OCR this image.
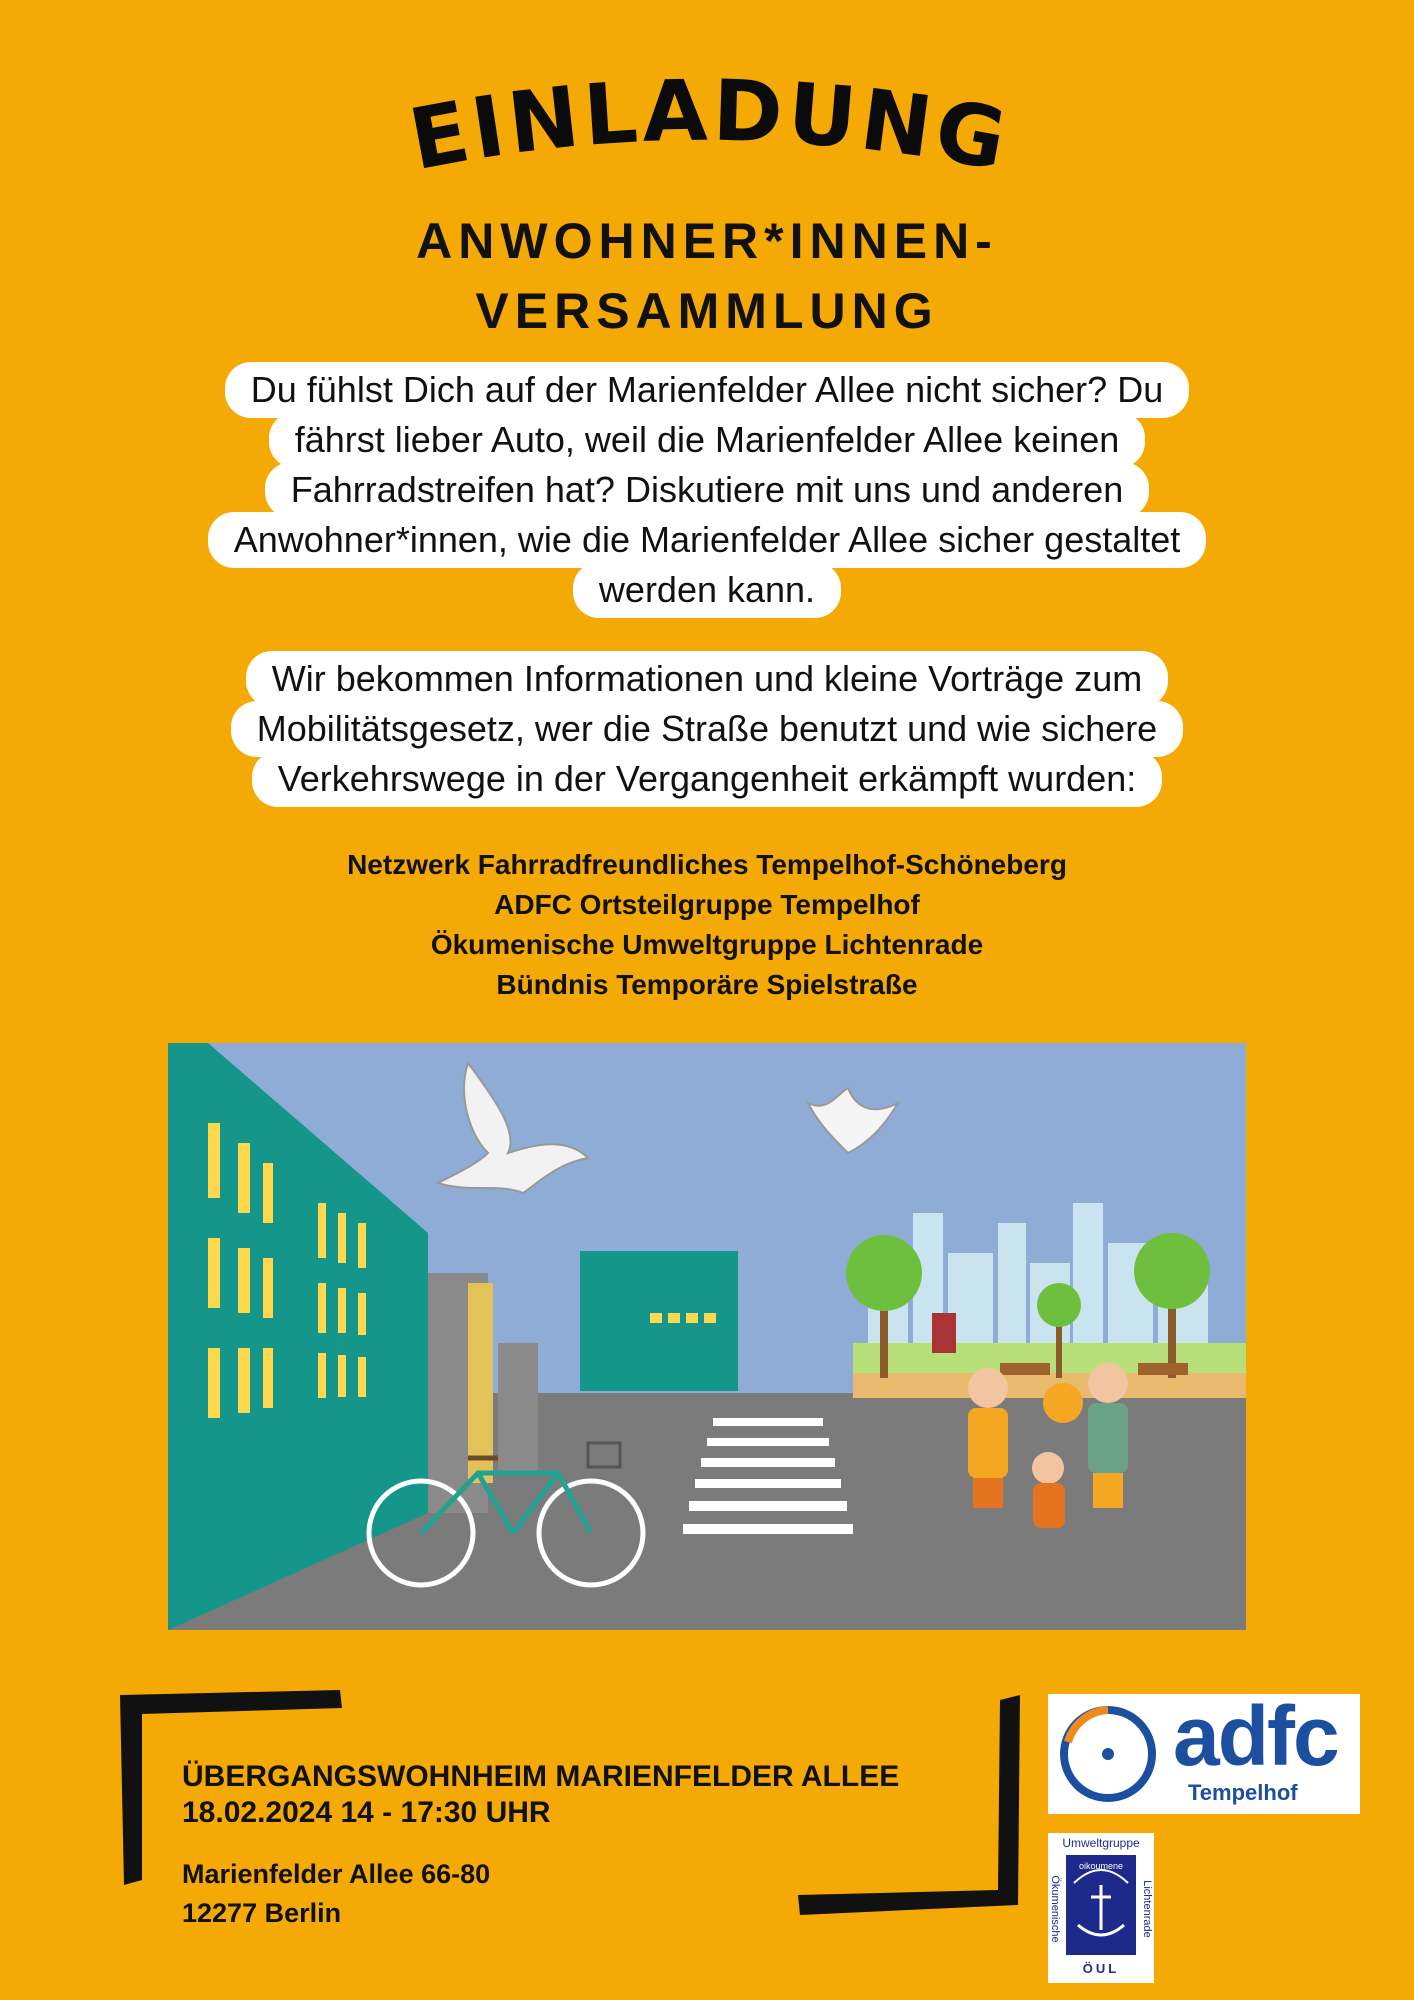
EINLADUNG
ANWOHNER*INNEN-
VERSAMMLUNG
Du fühlst Dich auf der Marienfelder Allee nicht sicher? Du
fährst lieber Auto, weil die Marienfelder Allee keinen
Fahrradstreifen hat? Diskutiere mit uns und anderen
Anwohner*innen, wie die Marienfelder Allee sicher gestaltet
werden kann.
Wir bekommen Informationen und kleine Vorträge zum
Mobilitätsgesetz, wer die Straße benutzt und wie sichere
Verkehrswege in der Vergangenheit erkämpft wurden:
Netzwerk Fahrradfreundliches Tempelhof-Schöneberg
ADFC Ortsteilgruppe Tempelhof
Ökumenische Umweltgruppe Lichtenrade
Bündnis Temporäre Spielstraße
ÜBERGANGSWOHNHEIM MARIENFELDER ALLEE
18.02.2024 14 - 17:30 UHR
Marienfelder Allee 66-80
12277 Berlin
adfc
Tempelhof
Umweltgruppe
Ökumenische	Lichtenrade
oikoumene
ÖUL
